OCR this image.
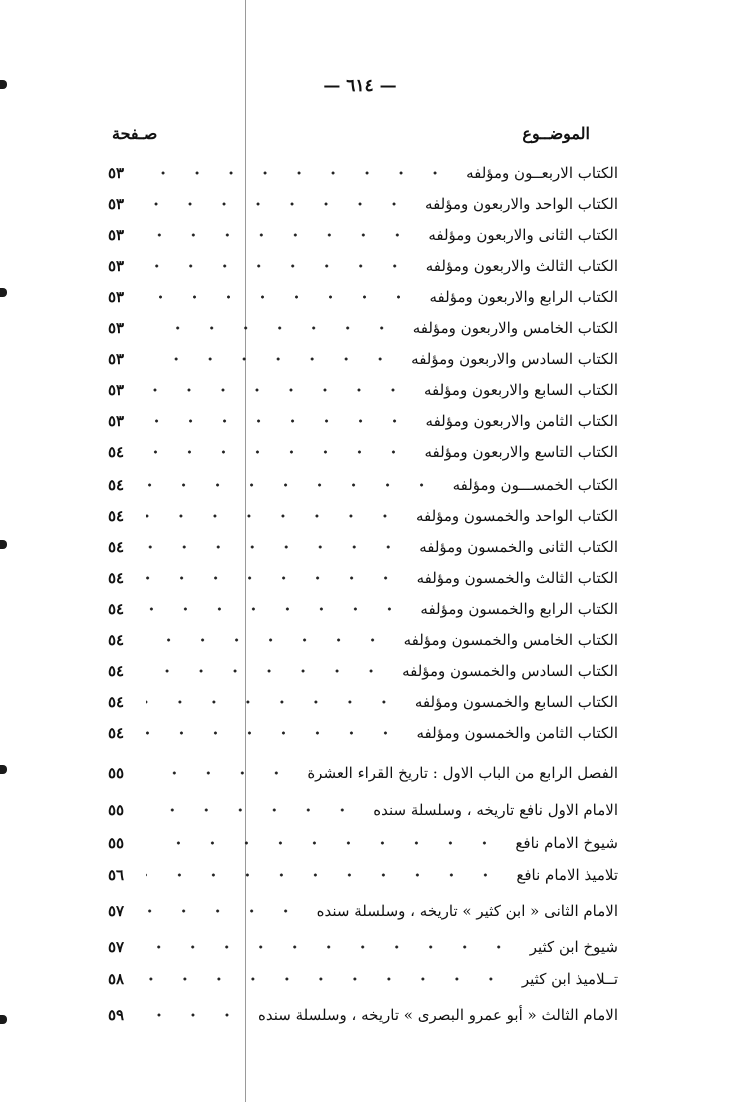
— ٦١٤ —
الموضــوع
صـفحة
الكتاب الاربعــون ومؤلفه
٥٣
الكتاب الواحد والاربعون ومؤلفه
٥٣
الكتاب الثانى والاربعون ومؤلفه
٥٣
الكتاب الثالث والاربعون ومؤلفه
٥٣
الكتاب الرابع والاربعون ومؤلفه
٥٣
الكتاب الخامس والاربعون ومؤلفه
٥٣
الكتاب السادس والاربعون ومؤلفه
٥٣
الكتاب السابع والاربعون ومؤلفه
٥٣
الكتاب الثامن والاربعون ومؤلفه
٥٣
الكتاب التاسع والاربعون ومؤلفه
٥٤
الكتاب الخمســـون ومؤلفه
٥٤
الكتاب الواحد والخمسون ومؤلفه
٥٤
الكتاب الثانى والخمسون ومؤلفه
٥٤
الكتاب الثالث والخمسون ومؤلفه
٥٤
الكتاب الرابع والخمسون ومؤلفه
٥٤
الكتاب الخامس والخمسون ومؤلفه
٥٤
الكتاب السادس والخمسون ومؤلفه
٥٤
الكتاب السابع والخمسون ومؤلفه
٥٤
الكتاب الثامن والخمسون ومؤلفه
٥٤
الفصل الرابع من الباب الاول : تاريخ القراء العشرة
٥٥
الامام الاول نافع تاريخه ، وسلسلة سنده
٥٥
شيوخ الامام نافع
٥٥
تلاميذ الامام نافع
٥٦
الامام الثانى « ابن كثير » تاريخه ، وسلسلة سنده
٥٧
شيوخ ابن كثير
٥٧
تــلاميذ ابن كثير
٥٨
الامام الثالث « أبو عمرو البصرى » تاريخه ، وسلسلة سنده
٥٩
